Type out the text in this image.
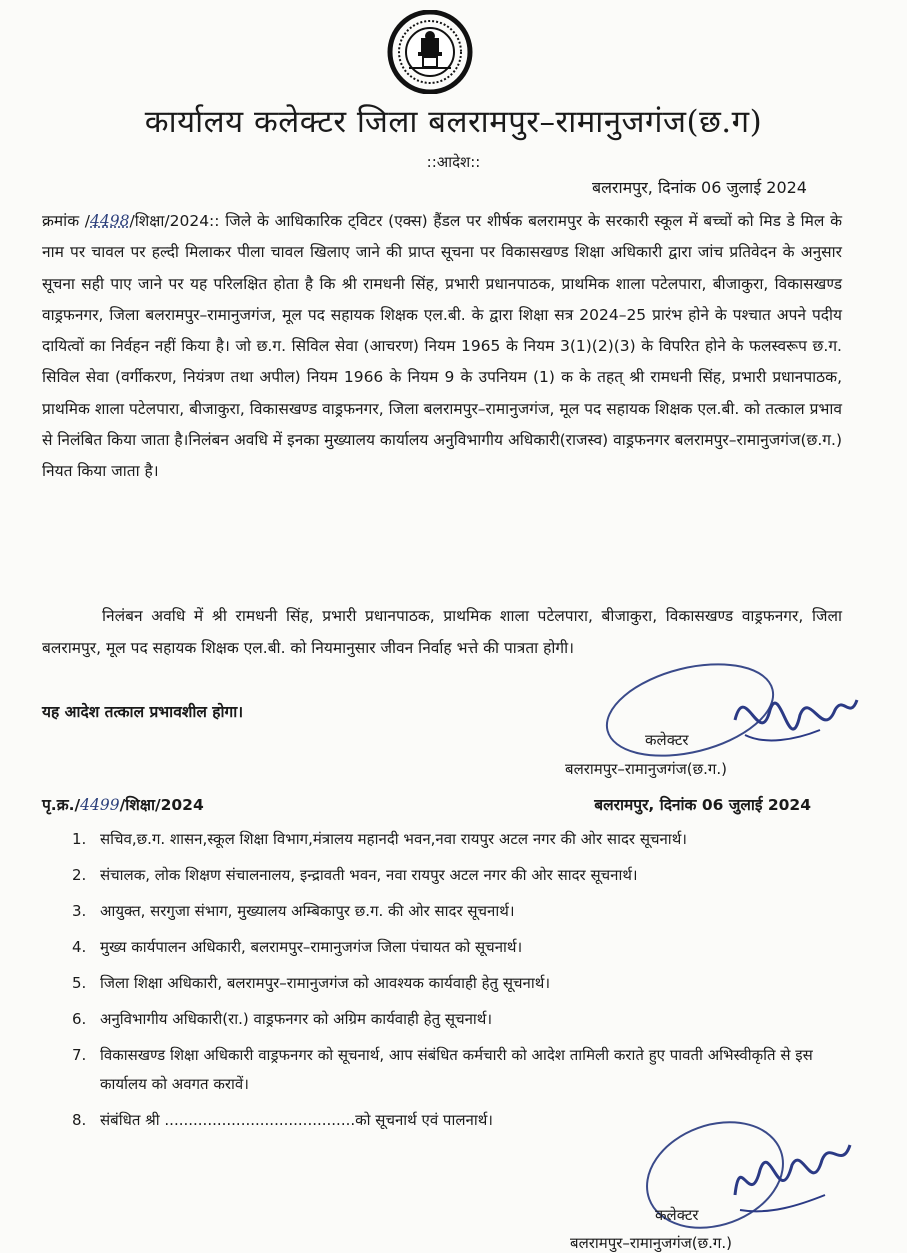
कार्यालय कलेक्टर जिला बलरामपुर–रामानुजगंज(छ.ग)
::आदेश::
बलरामपुर, दिनांक 06 जुलाई 2024
क्रमांक /4498/शिक्षा/2024:: जिले के आधिकारिक ट्विटर (एक्स) हैंडल पर शीर्षक बलरामपुर के सरकारी स्कूल में बच्चों को मिड डे मिल के नाम पर चावल पर हल्दी मिलाकर पीला चावल खिलाए जाने की प्राप्त सूचना पर विकासखण्ड शिक्षा अधिकारी द्वारा जांच प्रतिवेदन के अनुसार सूचना सही पाए जाने पर यह परिलक्षित होता है कि श्री रामधनी सिंह, प्रभारी प्रधानपाठक, प्राथमिक शाला पटेलपारा, बीजाकुरा, विकासखण्ड वाड्रफनगर, जिला बलरामपुर–रामानुजगंज, मूल पद सहायक शिक्षक एल.बी. के द्वारा शिक्षा सत्र 2024–25 प्रारंभ होने के पश्चात अपने पदीय दायित्वों का निर्वहन नहीं किया है। जो छ.ग. सिविल सेवा (आचरण) नियम 1965 के नियम 3(1)(2)(3) के विपरित होने के फलस्वरूप छ.ग. सिविल सेवा (वर्गीकरण, नियंत्रण तथा अपील) नियम 1966 के नियम 9 के उपनियम (1) क के तहत् श्री रामधनी सिंह, प्रभारी प्रधानपाठक, प्राथमिक शाला पटेलपारा, बीजाकुरा, विकासखण्ड वाड्रफनगर, जिला बलरामपुर–रामानुजगंज, मूल पद सहायक शिक्षक एल.बी. को तत्काल प्रभाव से निलंबित किया जाता है।निलंबन अवधि में इनका मुख्यालय कार्यालय अनुविभागीय अधिकारी(राजस्व) वाड्रफनगर बलरामपुर–रामानुजगंज(छ.ग.) नियत किया जाता है।
निलंबन अवधि में श्री रामधनी सिंह, प्रभारी प्रधानपाठक, प्राथमिक शाला पटेलपारा, बीजाकुरा, विकासखण्ड वाड्रफनगर, जिला बलरामपुर, मूल पद सहायक शिक्षक एल.बी. को नियमानुसार जीवन निर्वाह भत्ते की पात्रता होगी।
यह आदेश तत्काल प्रभावशील होगा।
कलेक्टर
बलरामपुर–रामानुजगंज(छ.ग.)
पृ.क्र./4499/शिक्षा/2024	बलरामपुर, दिनांक 06 जुलाई 2024
1. सचिव,छ.ग. शासन,स्कूल शिक्षा विभाग,मंत्रालय महानदी भवन,नवा रायपुर अटल नगर की ओर सादर सूचनार्थ।
2. संचालक, लोक शिक्षण संचालनालय, इन्द्रावती भवन, नवा रायपुर अटल नगर की ओर सादर सूचनार्थ।
3. आयुक्त, सरगुजा संभाग, मुख्यालय अम्बिकापुर छ.ग. की ओर सादर सूचनार्थ।
4. मुख्य कार्यपालन अधिकारी, बलरामपुर–रामानुजगंज जिला पंचायत को सूचनार्थ।
5. जिला शिक्षा अधिकारी, बलरामपुर–रामानुजगंज को आवश्यक कार्यवाही हेतु सूचनार्थ।
6. अनुविभागीय अधिकारी(रा.) वाड्रफनगर को अग्रिम कार्यवाही हेतु सूचनार्थ।
7. विकासखण्ड शिक्षा अधिकारी वाड्रफनगर को सूचनार्थ, आप संबंधित कर्मचारी को आदेश तामिली कराते हुए पावती अभिस्वीकृति से इस कार्यालय को अवगत करावें।
8. संबंधित श्री ........................................को सूचनार्थ एवं पालनार्थ।
कलेक्टर
बलरामपुर–रामानुजगंज(छ.ग.)
